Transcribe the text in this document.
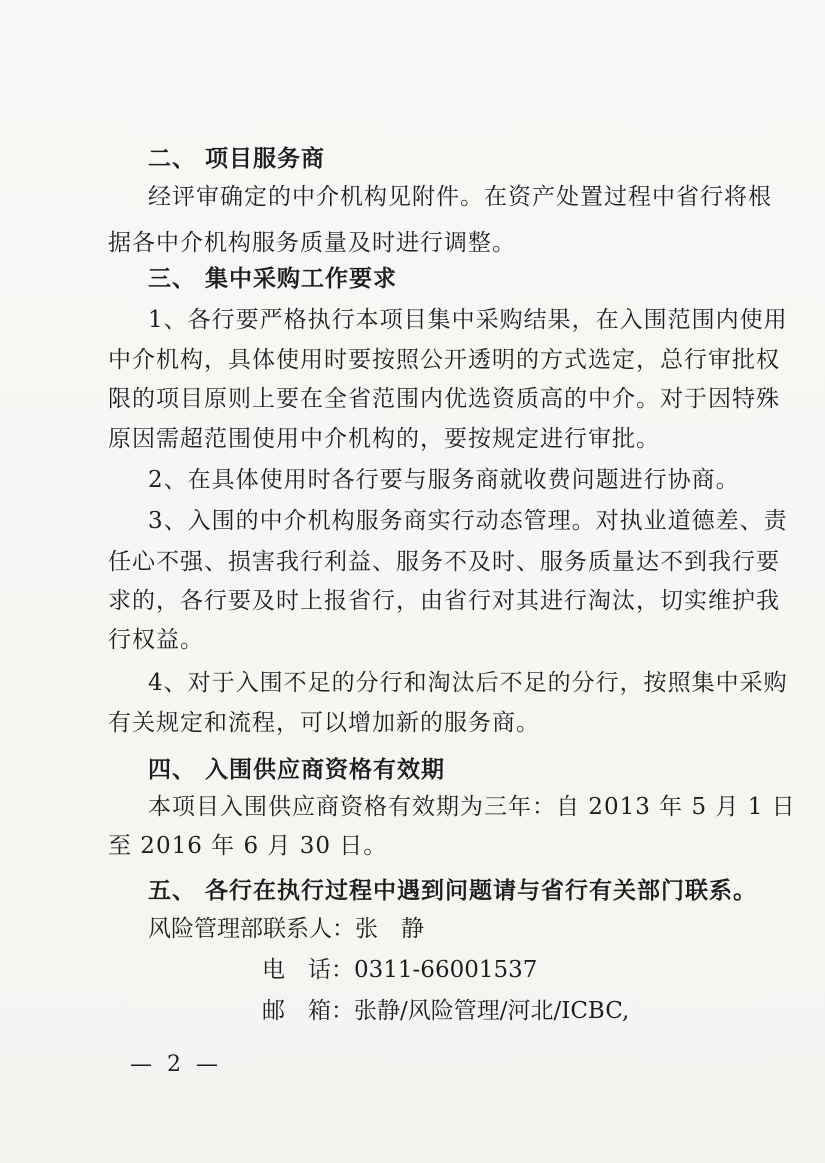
二、 项目服务商
经评审确定的中介机构见附件。在资产处置过程中省行将根
据各中介机构服务质量及时进行调整。
三、 集中采购工作要求
1、各行要严格执行本项目集中采购结果，在入围范围内使用
中介机构，具体使用时要按照公开透明的方式选定，总行审批权
限的项目原则上要在全省范围内优选资质高的中介。对于因特殊
原因需超范围使用中介机构的，要按规定进行审批。
2、在具体使用时各行要与服务商就收费问题进行协商。
3、入围的中介机构服务商实行动态管理。对执业道德差、责
任心不强、损害我行利益、服务不及时、服务质量达不到我行要
求的，各行要及时上报省行，由省行对其进行淘汰，切实维护我
行权益。
4、对于入围不足的分行和淘汰后不足的分行，按照集中采购
有关规定和流程，可以增加新的服务商。
四、 入围供应商资格有效期
本项目入围供应商资格有效期为三年：自 2013 年 5 月 1 日
至 2016 年 6 月 30 日。
五、 各行在执行过程中遇到问题请与省行有关部门联系。
风险管理部联系人：张　静
电　话：0311-66001537
邮　箱：张静/风险管理/河北/ICBC,
— 2 —
